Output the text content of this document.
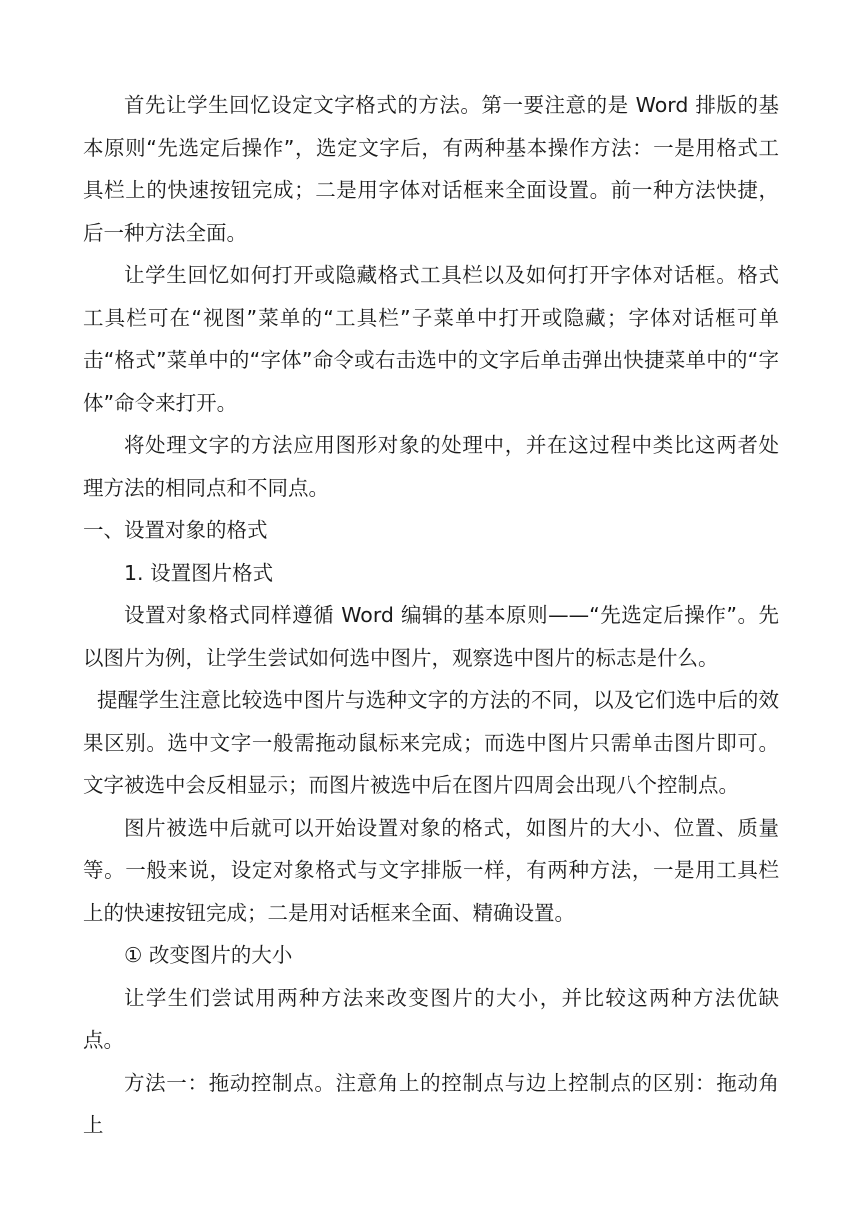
首先让学生回忆设定文字格式的方法。第一要注意的是 Word 排版的基本原则“先选定后操作”，选定文字后，有两种基本操作方法：一是用格式工具栏上的快速按钮完成；二是用字体对话框来全面设置。前一种方法快捷，后一种方法全面。

让学生回忆如何打开或隐藏格式工具栏以及如何打开字体对话框。格式工具栏可在“视图”菜单的“工具栏”子菜单中打开或隐藏；字体对话框可单击“格式”菜单中的“字体”命令或右击选中的文字后单击弹出快捷菜单中的“字体”命令来打开。

将处理文字的方法应用图形对象的处理中，并在这过程中类比这两者处理方法的相同点和不同点。

一、设置对象的格式

1. 设置图片格式

设置对象格式同样遵循 Word 编辑的基本原则——“先选定后操作”。先以图片为例，让学生尝试如何选中图片，观察选中图片的标志是什么。

提醒学生注意比较选中图片与选种文字的方法的不同，以及它们选中后的效果区别。选中文字一般需拖动鼠标来完成；而选中图片只需单击图片即可。文字被选中会反相显示；而图片被选中后在图片四周会出现八个控制点。

图片被选中后就可以开始设置对象的格式，如图片的大小、位置、质量等。一般来说，设定对象格式与文字排版一样，有两种方法，一是用工具栏上的快速按钮完成；二是用对话框来全面、精确设置。

① 改变图片的大小

让学生们尝试用两种方法来改变图片的大小，并比较这两种方法优缺点。

方法一：拖动控制点。注意角上的控制点与边上控制点的区别：拖动角上
